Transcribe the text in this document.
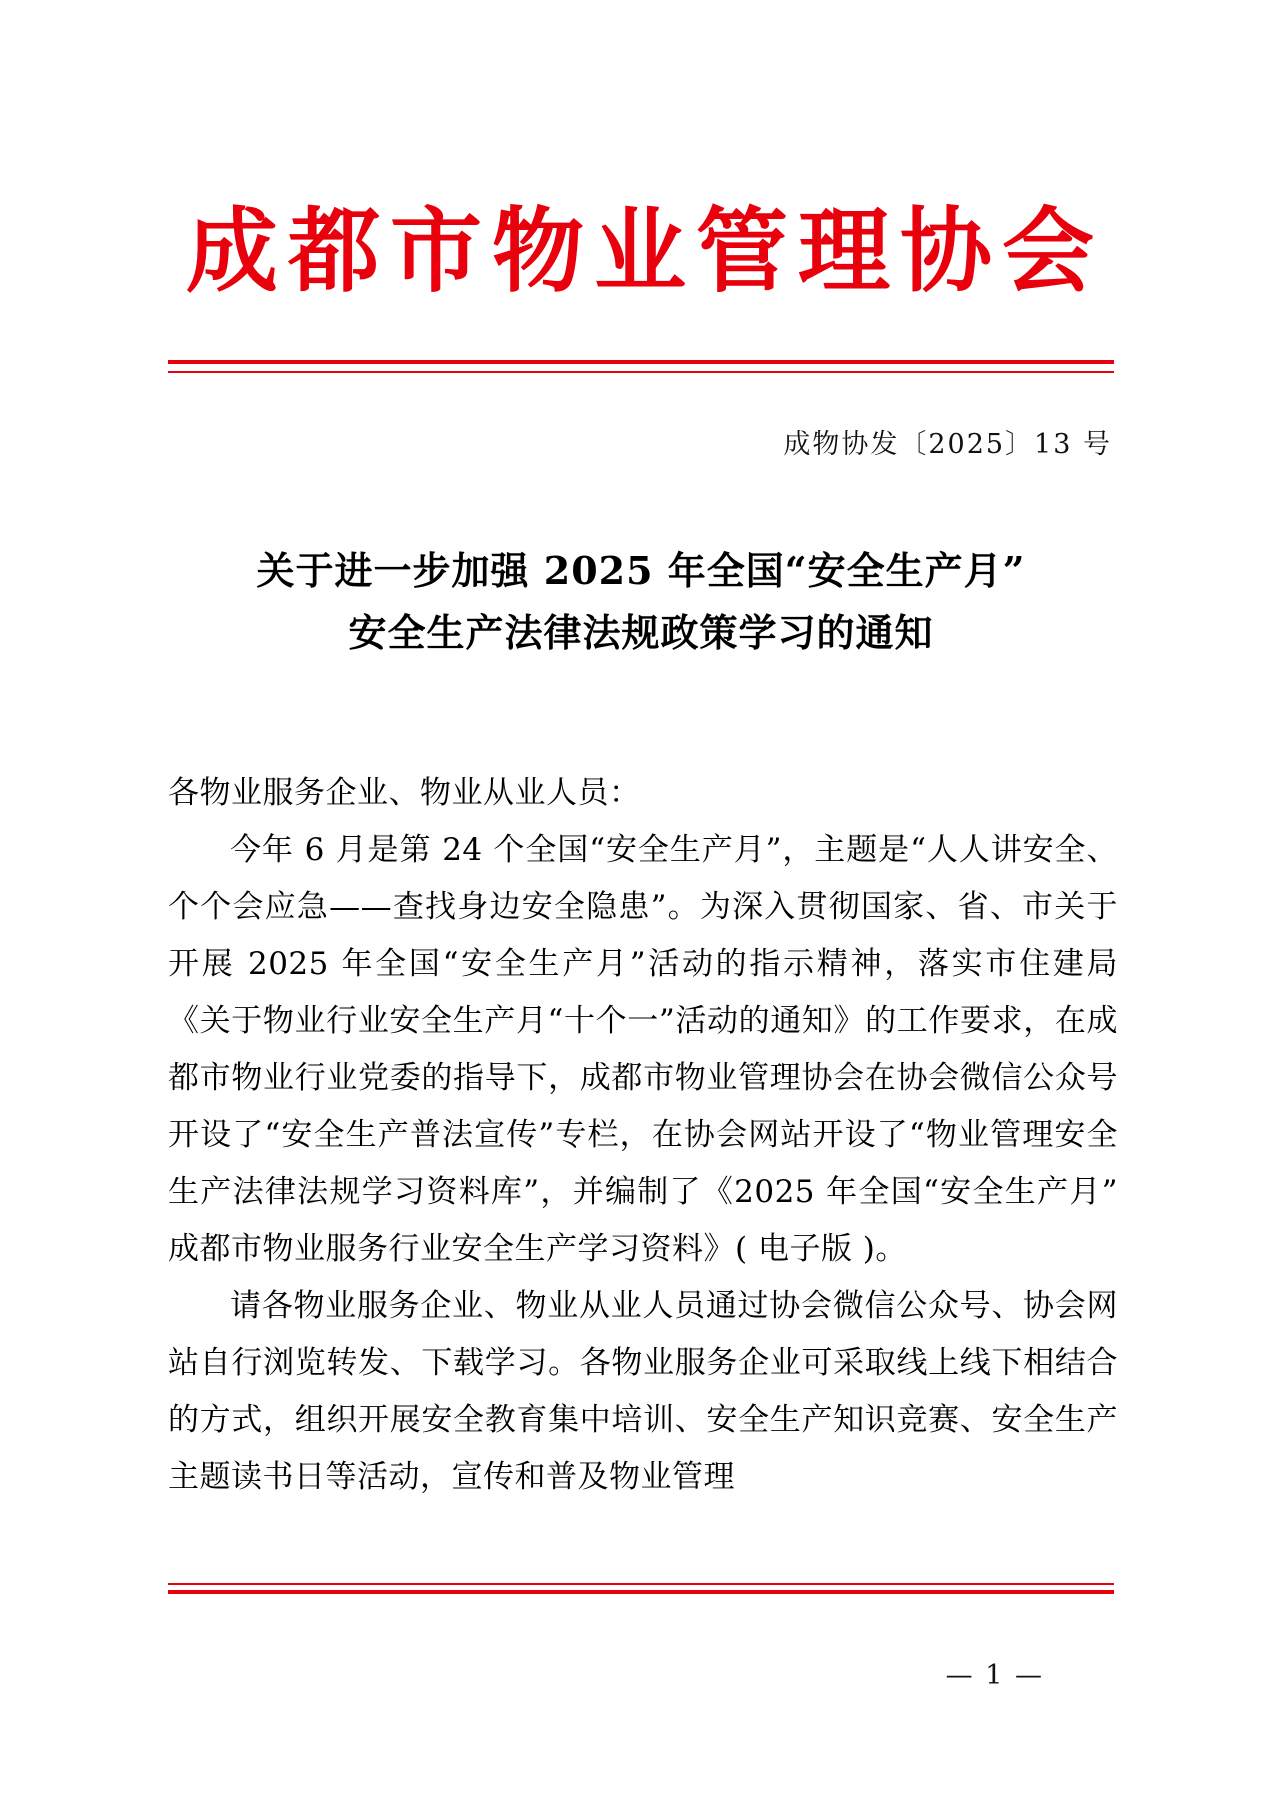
成都市物业管理协会
成物协发〔2025〕13 号
关于进一步加强 2025 年全国“安全生产月”
安全生产法律法规政策学习的通知
各物业服务企业、物业从业人员：
今年 6 月是第 24 个全国“安全生产月”，主题是“人人讲安全、个个会应急——查找身边安全隐患”。为深入贯彻国家、省、市关于开展 2025 年全国“安全生产月”活动的指示精神，落实市住建局《关于物业行业安全生产月“十个一”活动的通知》的工作要求，在成都市物业行业党委的指导下，成都市物业管理协会在协会微信公众号开设了“安全生产普法宣传”专栏，在协会网站开设了“物业管理安全生产法律法规学习资料库”，并编制了《2025 年全国“安全生产月”成都市物业服务行业安全生产学习资料》( 电子版 )。
请各物业服务企业、物业从业人员通过协会微信公众号、协会网站自行浏览转发、下载学习。各物业服务企业可采取线上线下相结合的方式，组织开展安全教育集中培训、安全生产知识竞赛、安全生产主题读书日等活动，宣传和普及物业管理
— 1 —
